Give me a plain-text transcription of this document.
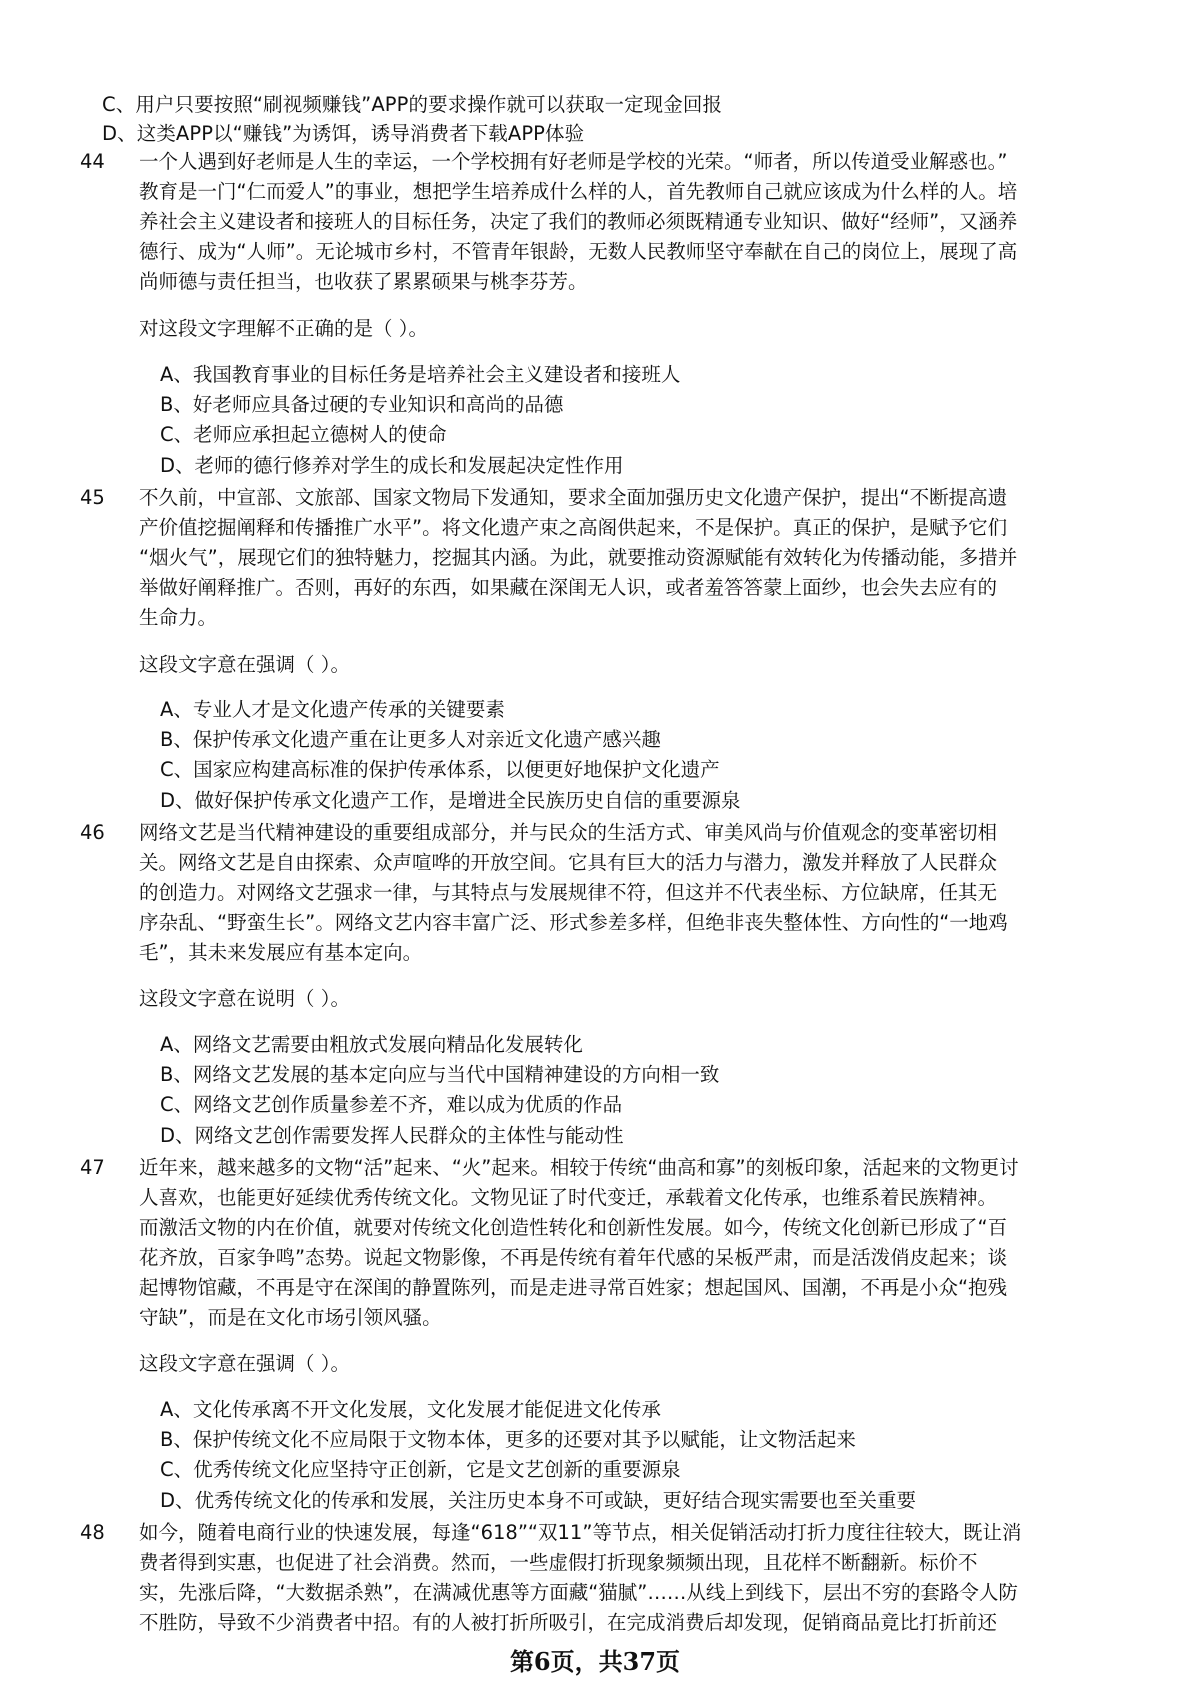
C、用户只要按照“刷视频赚钱”APP的要求操作就可以获取一定现金回报
D、这类APP以“赚钱”为诱饵，诱导消费者下载APP体验
44 一个人遇到好老师是人生的幸运，一个学校拥有好老师是学校的光荣。“师者，所以传道受业解惑也。”
教育是一门“仁而爱人”的事业，想把学生培养成什么样的人，首先教师自己就应该成为什么样的人。培
养社会主义建设者和接班人的目标任务，决定了我们的教师必须既精通专业知识、做好“经师”，又涵养
德行、成为“人师”。无论城市乡村，不管青年银龄，无数人民教师坚守奉献在自己的岗位上，展现了高
尚师德与责任担当，也收获了累累硕果与桃李芬芳。
对这段文字理解不正确的是（ ）。
A、我国教育事业的目标任务是培养社会主义建设者和接班人
B、好老师应具备过硬的专业知识和高尚的品德
C、老师应承担起立德树人的使命
D、老师的德行修养对学生的成长和发展起决定性作用
45 不久前，中宣部、文旅部、国家文物局下发通知，要求全面加强历史文化遗产保护，提出“不断提高遗
产价值挖掘阐释和传播推广水平”。将文化遗产束之高阁供起来，不是保护。真正的保护，是赋予它们
“烟火气”，展现它们的独特魅力，挖掘其内涵。为此，就要推动资源赋能有效转化为传播动能，多措并
举做好阐释推广。否则，再好的东西，如果藏在深闺无人识，或者羞答答蒙上面纱，也会失去应有的
生命力。
这段文字意在强调（ ）。
A、专业人才是文化遗产传承的关键要素
B、保护传承文化遗产重在让更多人对亲近文化遗产感兴趣
C、国家应构建高标准的保护传承体系，以便更好地保护文化遗产
D、做好保护传承文化遗产工作，是增进全民族历史自信的重要源泉
46 网络文艺是当代精神建设的重要组成部分，并与民众的生活方式、审美风尚与价值观念的变革密切相
关。网络文艺是自由探索、众声喧哗的开放空间。它具有巨大的活力与潜力，激发并释放了人民群众
的创造力。对网络文艺强求一律，与其特点与发展规律不符，但这并不代表坐标、方位缺席，任其无
序杂乱、“野蛮生长”。网络文艺内容丰富广泛、形式参差多样，但绝非丧失整体性、方向性的“一地鸡
毛”，其未来发展应有基本定向。
这段文字意在说明（ ）。
A、网络文艺需要由粗放式发展向精品化发展转化
B、网络文艺发展的基本定向应与当代中国精神建设的方向相一致
C、网络文艺创作质量参差不齐，难以成为优质的作品
D、网络文艺创作需要发挥人民群众的主体性与能动性
47 近年来，越来越多的文物“活”起来、“火”起来。相较于传统“曲高和寡”的刻板印象，活起来的文物更讨
人喜欢，也能更好延续优秀传统文化。文物见证了时代变迁，承载着文化传承，也维系着民族精神。
而激活文物的内在价值，就要对传统文化创造性转化和创新性发展。如今，传统文化创新已形成了“百
花齐放，百家争鸣”态势。说起文物影像，不再是传统有着年代感的呆板严肃，而是活泼俏皮起来；谈
起博物馆藏，不再是守在深闺的静置陈列，而是走进寻常百姓家；想起国风、国潮，不再是小众“抱残
守缺”，而是在文化市场引领风骚。
这段文字意在强调（ ）。
A、文化传承离不开文化发展，文化发展才能促进文化传承
B、保护传统文化不应局限于文物本体，更多的还要对其予以赋能，让文物活起来
C、优秀传统文化应坚持守正创新，它是文艺创新的重要源泉
D、优秀传统文化的传承和发展，关注历史本身不可或缺，更好结合现实需要也至关重要
48 如今，随着电商行业的快速发展，每逢“618”“双11”等节点，相关促销活动打折力度往往较大，既让消
费者得到实惠，也促进了社会消费。然而，一些虚假打折现象频频出现，且花样不断翻新。标价不
实，先涨后降，“大数据杀熟”，在满减优惠等方面藏“猫腻”……从线上到线下，层出不穷的套路令人防
不胜防，导致不少消费者中招。有的人被打折所吸引，在完成消费后却发现，促销商品竟比打折前还
第6页，共37页
